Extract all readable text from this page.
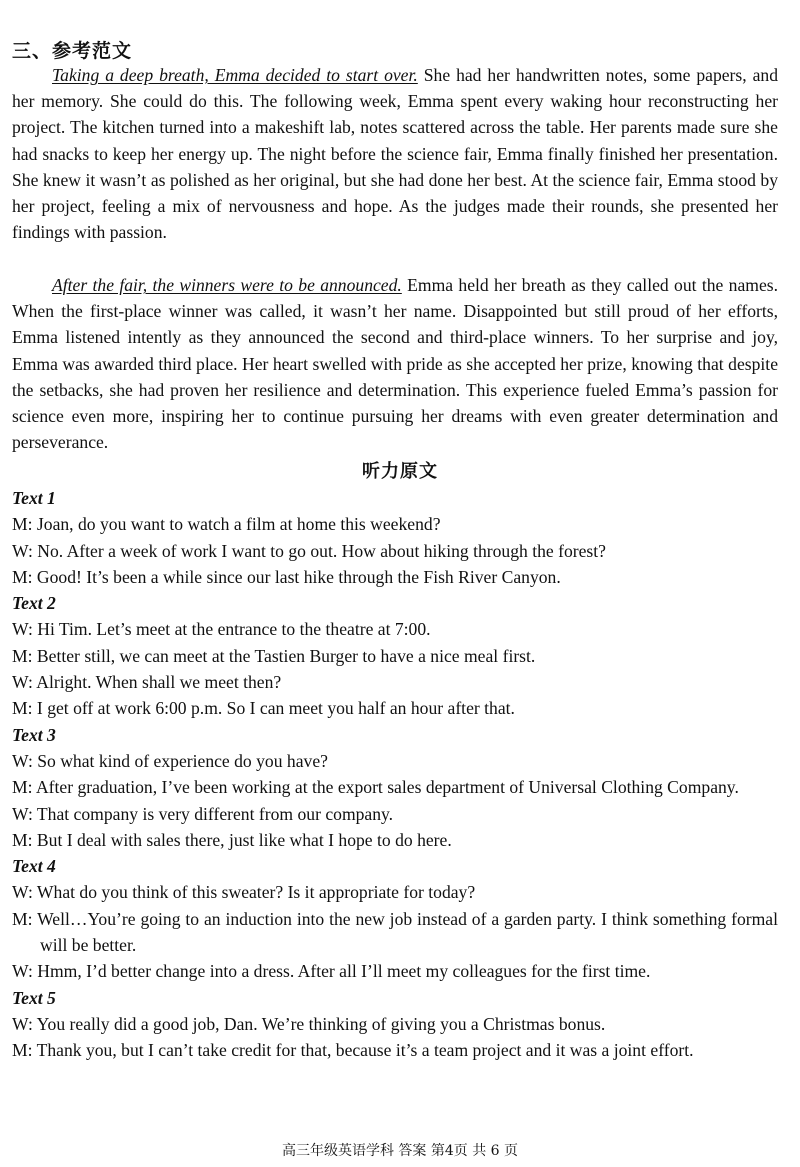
三、参考范文

Taking a deep breath, Emma decided to start over. She had her handwritten notes, some papers, and her memory. She could do this. The following week, Emma spent every waking hour reconstructing her project. The kitchen turned into a makeshift lab, notes scattered across the table. Her parents made sure she had snacks to keep her energy up. The night before the science fair, Emma finally finished her presentation. She knew it wasn’t as polished as her original, but she had done her best. At the science fair, Emma stood by her project, feeling a mix of nervousness and hope. As the judges made their rounds, she presented her findings with passion.

After the fair, the winners were to be announced. Emma held her breath as they called out the names. When the first-place winner was called, it wasn’t her name. Disappointed but still proud of her efforts, Emma listened intently as they announced the second and third-place winners. To her surprise and joy, Emma was awarded third place. Her heart swelled with pride as she accepted her prize, knowing that despite the setbacks, she had proven her resilience and determination. This experience fueled Emma’s passion for science even more, inspiring her to continue pursuing her dreams with even greater determination and perseverance.

听力原文
Text 1
M: Joan, do you want to watch a film at home this weekend?
W: No. After a week of work I want to go out. How about hiking through the forest?
M: Good! It’s been a while since our last hike through the Fish River Canyon.
Text 2
W: Hi Tim. Let’s meet at the entrance to the theatre at 7:00.
M: Better still, we can meet at the Tastien Burger to have a nice meal first.
W: Alright. When shall we meet then?
M: I get off at work 6:00 p.m. So I can meet you half an hour after that.
Text 3
W: So what kind of experience do you have?
M: After graduation, I’ve been working at the export sales department of Universal Clothing Company.
W: That company is very different from our company.
M: But I deal with sales there, just like what I hope to do here.
Text 4
W: What do you think of this sweater? Is it appropriate for today?
M: Well…You’re going to an induction into the new job instead of a garden party. I think something formal will be better.
W: Hmm, I’d better change into a dress. After all I’ll meet my colleagues for the first time.
Text 5
W: You really did a good job, Dan. We’re thinking of giving you a Christmas bonus.
M: Thank you, but I can’t take credit for that, because it’s a team project and it was a joint effort.
高三年级英语学科 答案 第4页 共 6 页
